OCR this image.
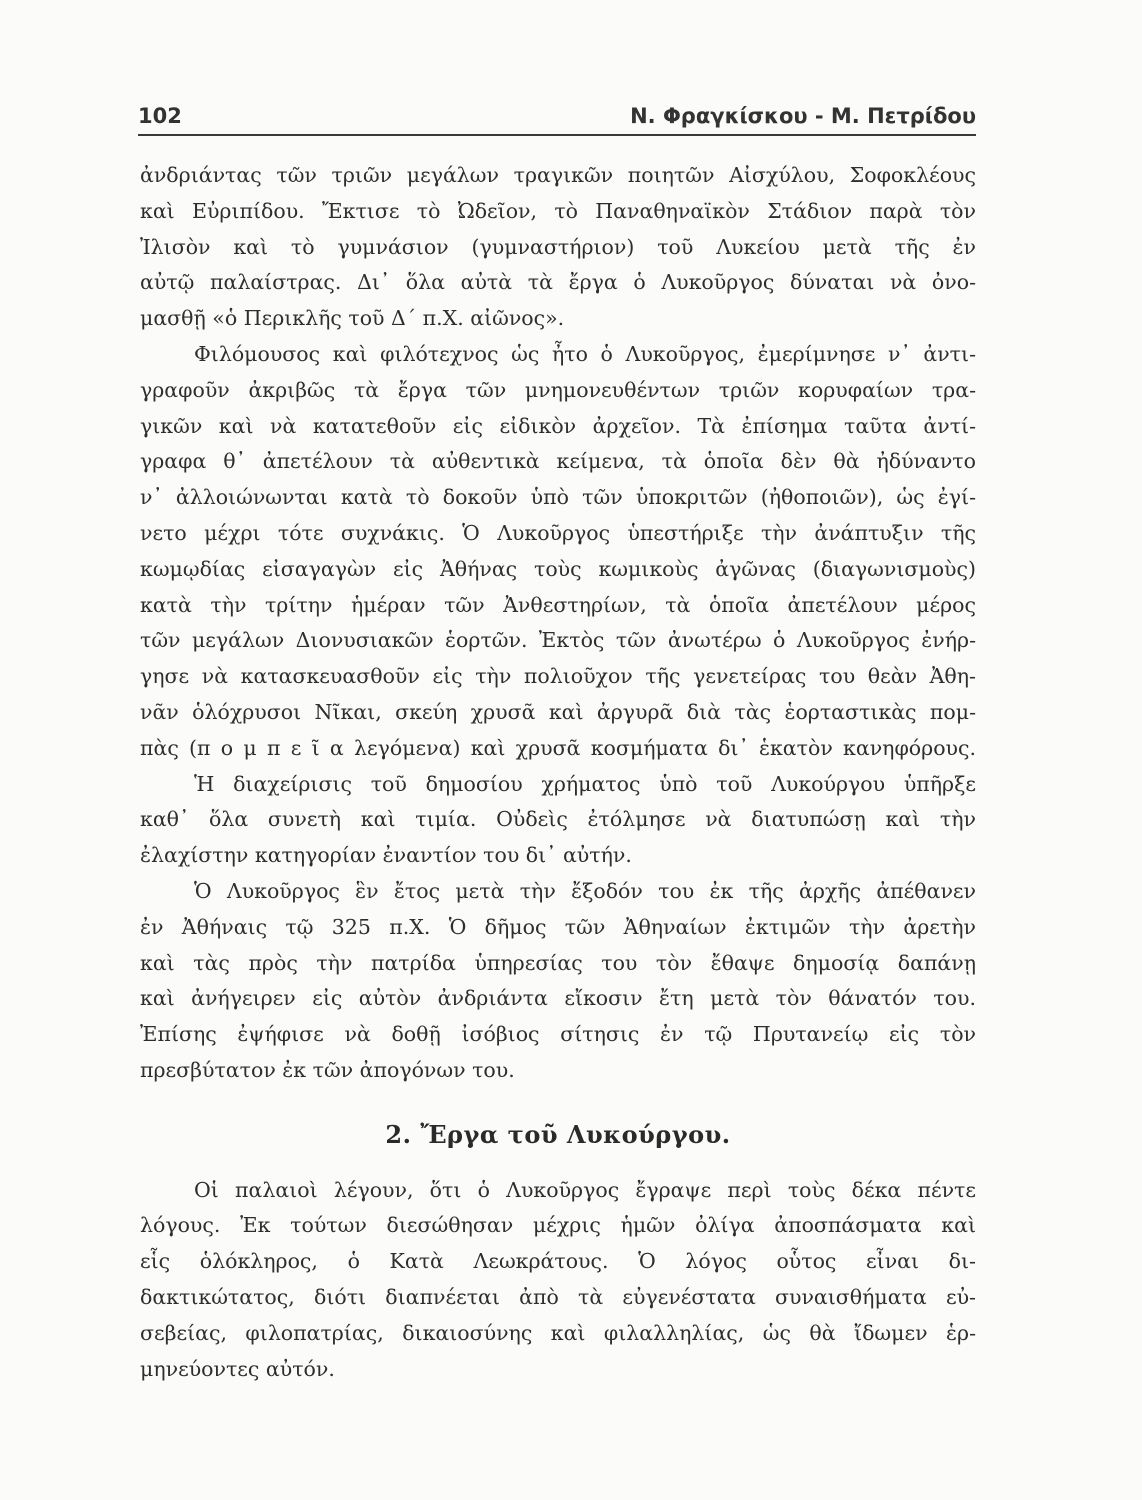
102	Ν. Φραγκίσκου - Μ. Πετρίδου

ἀνδριάντας τῶν τριῶν μεγάλων τραγικῶν ποιητῶν Αἰσχύλου, Σοφοκλέους
καὶ Εὐριπίδου. Ἔκτισε τὸ Ὠδεῖον, τὸ Παναθηναϊκὸν Στάδιον παρὰ τὸν
Ἰλισὸν καὶ τὸ γυμνάσιον (γυμναστήριον) τοῦ Λυκείου μετὰ τῆς ἐν
αὐτῷ παλαίστρας. Δι᾿ ὅλα αὐτὰ τὰ ἔργα ὁ Λυκοῦργος δύναται νὰ ὀνο-
μασθῇ «ὁ Περικλῆς τοῦ Δ΄ π.Χ. αἰῶνος».

Φιλόμουσος καὶ φιλότεχνος ὡς ἦτο ὁ Λυκοῦργος, ἐμερίμνησε ν᾿ ἀντι-
γραφοῦν ἀκριβῶς τὰ ἔργα τῶν μνημονευθέντων τριῶν κορυφαίων τρα-
γικῶν καὶ νὰ κατατεθοῦν εἰς εἰδικὸν ἀρχεῖον. Τὰ ἐπίσημα ταῦτα ἀντί-
γραφα θ᾿ ἀπετέλουν τὰ αὐθεντικὰ κείμενα, τὰ ὁποῖα δὲν θὰ ἠδύναντο
ν᾿ ἀλλοιώνωνται κατὰ τὸ δοκοῦν ὑπὸ τῶν ὑποκριτῶν (ἠθοποιῶν), ὡς ἐγί-
νετο μέχρι τότε συχνάκις. Ὁ Λυκοῦργος ὑπεστήριξε τὴν ἀνάπτυξιν τῆς
κωμῳδίας εἰσαγαγὼν εἰς Ἀθήνας τοὺς κωμικοὺς ἀγῶνας (διαγωνισμοὺς)
κατὰ τὴν τρίτην ἡμέραν τῶν Ἀνθεστηρίων, τὰ ὁποῖα ἀπετέλουν μέρος
τῶν μεγάλων Διονυσιακῶν ἑορτῶν. Ἐκτὸς τῶν ἀνωτέρω ὁ Λυκοῦργος ἐνήρ-
γησε νὰ κατασκευασθοῦν εἰς τὴν πολιοῦχον τῆς γενετείρας του θεὰν Ἀθη-
νᾶν ὁλόχρυσοι Νῖκαι, σκεύη χρυσᾶ καὶ ἀργυρᾶ διὰ τὰς ἑορταστικὰς πομ-
πὰς (π ο μ π ε ῖ α λεγόμενα) καὶ χρυσᾶ κοσμήματα δι᾿ ἑκατὸν κανηφόρους.

Ἡ διαχείρισις τοῦ δημοσίου χρήματος ὑπὸ τοῦ Λυκούργου ὑπῆρξε
καθ᾿ ὅλα συνετὴ καὶ τιμία. Οὐδεὶς ἐτόλμησε νὰ διατυπώσῃ καὶ τὴν
ἐλαχίστην κατηγορίαν ἐναντίον του δι᾿ αὐτήν.

Ὁ Λυκοῦργος ἓν ἔτος μετὰ τὴν ἔξοδόν του ἐκ τῆς ἀρχῆς ἀπέθανεν
ἐν Ἀθήναις τῷ 325 π.Χ. Ὁ δῆμος τῶν Ἀθηναίων ἐκτιμῶν τὴν ἀρετὴν
καὶ τὰς πρὸς τὴν πατρίδα ὑπηρεσίας του τὸν ἔθαψε δημοσίᾳ δαπάνῃ
καὶ ἀνήγειρεν εἰς αὐτὸν ἀνδριάντα εἴκοσιν ἔτη μετὰ τὸν θάνατόν του.
Ἐπίσης ἐψήφισε νὰ δοθῇ ἰσόβιος σίτησις ἐν τῷ Πρυτανείῳ εἰς τὸν
πρεσβύτατον ἐκ τῶν ἀπογόνων του.

2. Ἔργα τοῦ Λυκούργου.

Οἱ παλαιοὶ λέγουν, ὅτι ὁ Λυκοῦργος ἔγραψε περὶ τοὺς δέκα πέντε
λόγους. Ἐκ τούτων διεσώθησαν μέχρις ἡμῶν ὀλίγα ἀποσπάσματα καὶ
εἷς ὁλόκληρος, ὁ Κατὰ Λεωκράτους. Ὁ λόγος οὗτος εἶναι δι-
δακτικώτατος, διότι διαπνέεται ἀπὸ τὰ εὐγενέστατα συναισθήματα εὐ-
σεβείας, φιλοπατρίας, δικαιοσύνης καὶ φιλαλληλίας, ὡς θὰ ἴδωμεν ἑρ-
μηνεύοντες αὐτόν.
